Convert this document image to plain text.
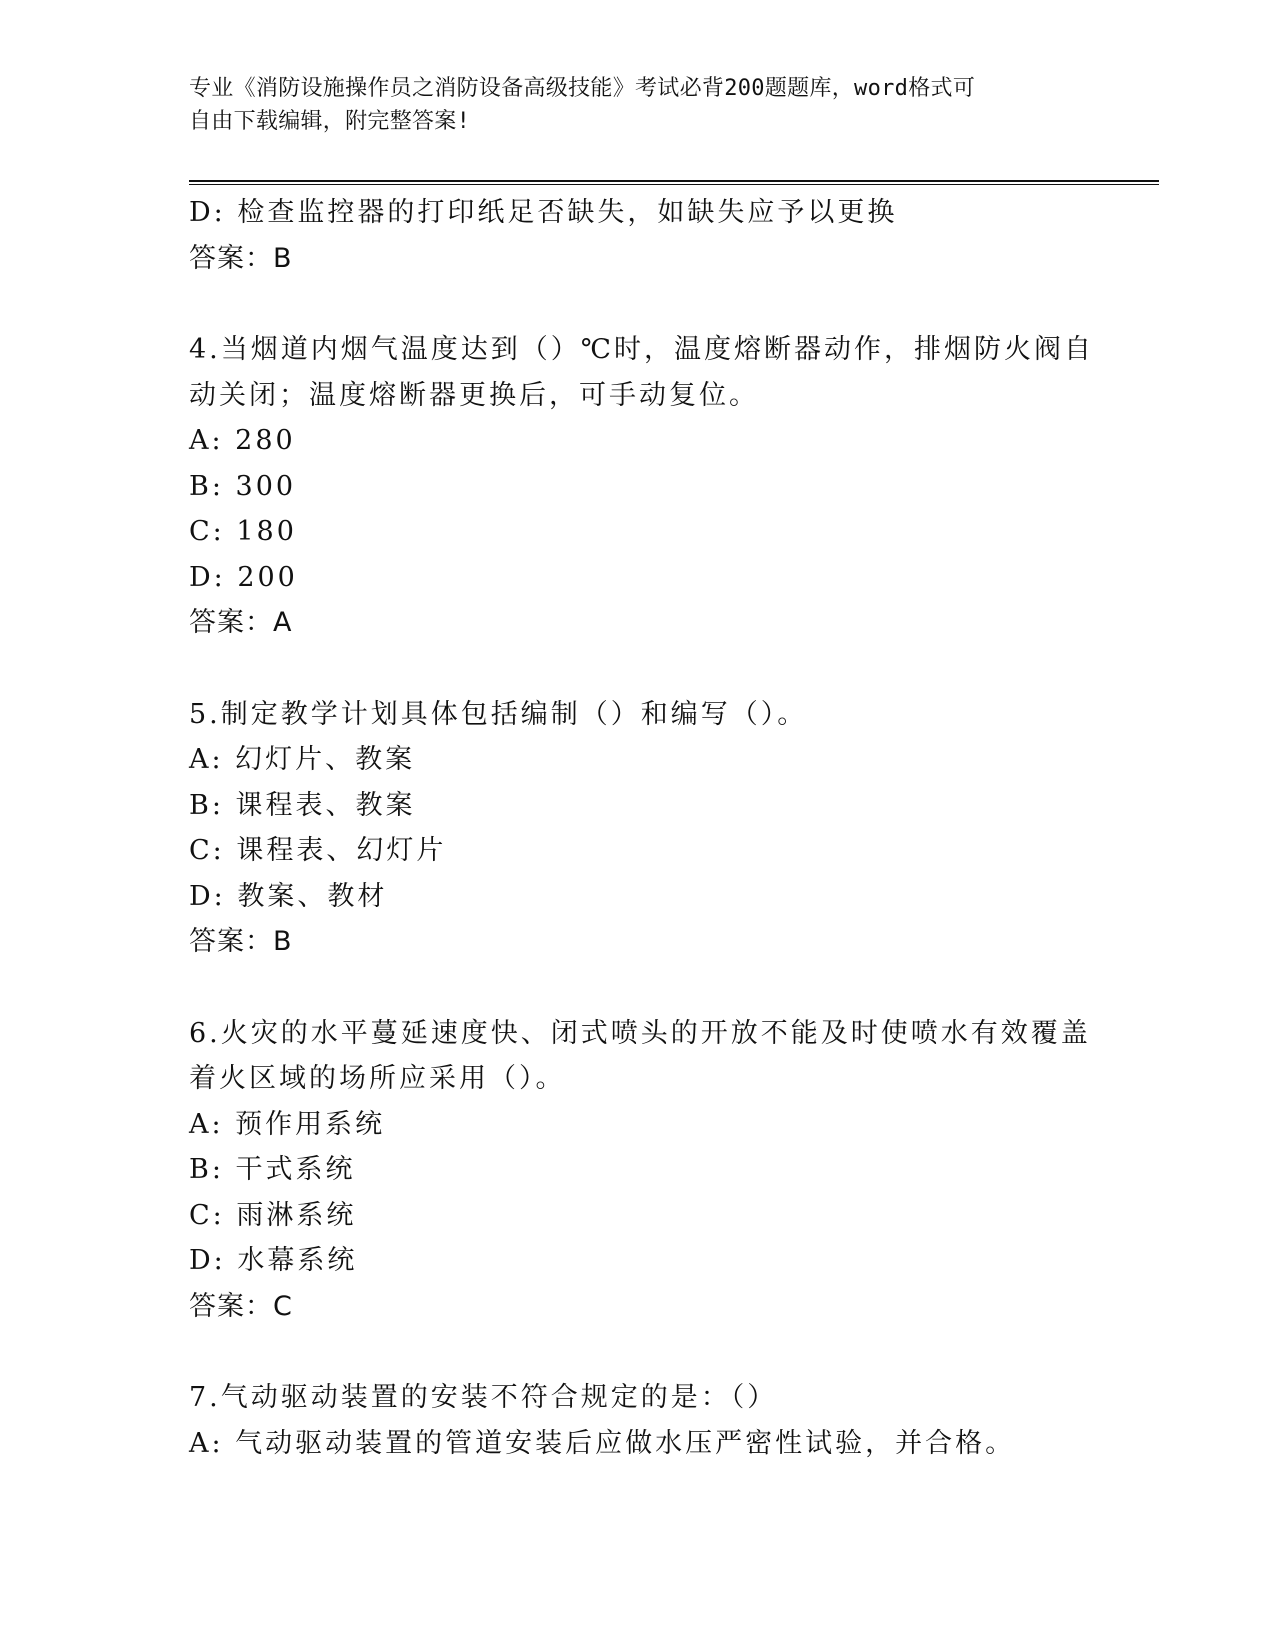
专业《消防设施操作员之消防设备高级技能》考试必背200题题库，word格式可
自由下载编辑，附完整答案!
D: 检查监控器的打印纸足否缺失，如缺失应予以更换
答案：B
4.当烟道内烟气温度达到（）℃时，温度熔断器动作，排烟防火阀自
动关闭；温度熔断器更换后，可手动复位。
A: 280
B: 300
C: 180
D: 200
答案：A
5.制定教学计划具体包括编制（）和编写（）。
A: 幻灯片、教案
B: 课程表、教案
C: 课程表、幻灯片
D: 教案、教材
答案：B
6.火灾的水平蔓延速度快、闭式喷头的开放不能及时使喷水有效覆盖
着火区域的场所应采用（）。
A: 预作用系统
B: 干式系统
C: 雨淋系统
D: 水幕系统
答案：C
7.气动驱动装置的安装不符合规定的是：（）
A: 气动驱动装置的管道安装后应做水压严密性试验，并合格。
